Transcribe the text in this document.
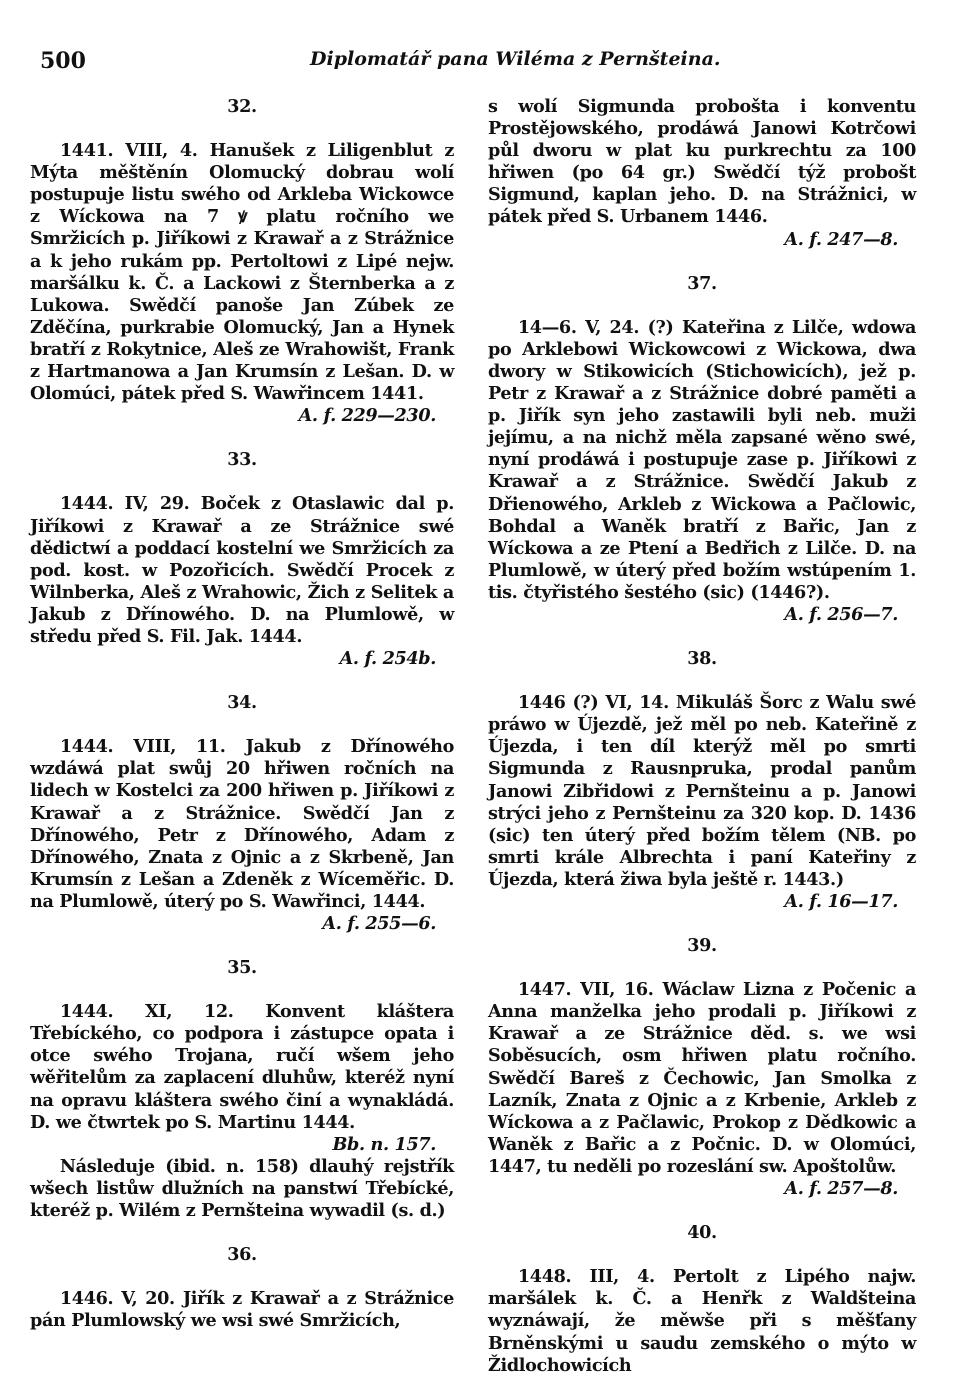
500	Diplomatář pana Wiléma z Pernšteina.
32.

1441. VIII, 4. Hanušek z Liligenblut z Mýta měštěnín Olomucký dobrau wolí postupuje listu swého od Arkleba Wickowce z Wíckowa na 7 ꝟ platu ročního we Smržicích p. Jiříkowi z Krawař a z Strážnice a k jeho rukám pp. Pertoltowi z Lipé nejw. maršálku k. Č. a Lackowi z Šternberka a z Lukowa. Swědčí panoše Jan Zúbek ze Zděčína, purkrabie Olomucký, Jan a Hynek bratří z Rokytnice, Aleš ze Wrahowišt, Frank z Hartmanowa a Jan Krumsín z Lešan. D. w Olomúci, pátek před S. Wawřincem 1441.

A. f. 229—230.
33.

1444. IV, 29. Boček z Otaslawic dal p. Jiříkowi z Krawař a ze Strážnice swé dědictwí a poddací kostelní we Smržicích za pod. kost. w Pozořicích. Swědčí Procek z Wilnberka, Aleš z Wrahowic, Žich z Selitek a Jakub z Dřínowého. D. na Plumlowě, w středu před S. Fil. Jak. 1444.

A. f. 254b.
34.

1444. VIII, 11. Jakub z Dřínowého wzdáwá plat swůj 20 hřiwen ročních na lidech w Kostelci za 200 hřiwen p. Jiříkowi z Krawař a z Strážnice. Swědčí Jan z Dřínowého, Petr z Dřínowého, Adam z Dřínowého, Znata z Ojnic a z Skrbeně, Jan Krumsín z Lešan a Zdeněk z Wíceměřic. D. na Plumlowě, úterý po S. Wawřinci, 1444.

A. f. 255—6.
35.

1444. XI, 12. Konvent kláštera Třebíckého, co podpora i zástupce opata i otce swého Trojana, ručí wšem jeho wěřitelům za zaplacení dluhůw, kteréž nyní na opravu kláštera swého činí a wynakládá. D. we čtwrtek po S. Martinu 1444.

Bb. n. 157.

Následuje (ibid. n. 158) dlauhý rejstřík wšech listůw dlužních na panstwí Třebícké, kteréž p. Wilém z Pernšteina wywadil (s. d.)

36.

1446. V, 20. Jiřík z Krawař a z Strážnice pán Plumlowský we wsi swé Smržicích,

s wolí Sigmunda probošta i konventu Prostějowského, prodáwá Janowi Kotrčowi půl dworu w plat ku purkrechtu za 100 hřiwen (po 64 gr.) Swědčí týž probošt Sigmund, kaplan jeho. D. na Strážnici, w pátek před S. Urbanem 1446.

A. f. 247—8.
37.

14—6. V, 24. (?) Kateřina z Lilče, wdowa po Arklebowi Wickowcowi z Wickowa, dwa dwory w Stikowicích (Stichowicích), jež p. Petr z Krawař a z Strážnice dobré paměti a p. Jiřík syn jeho zastawili byli neb. muži jejímu, a na nichž měla zapsané wěno swé, nyní prodáwá i postupuje zase p. Jiříkowi z Krawař a z Strážnice. Swědčí Jakub z Dřienowého, Arkleb z Wickowa a Pačlowic, Bohdal a Waněk bratří z Bařic, Jan z Wíckowa a ze Ptení a Bedřich z Lilče. D. na Plumlowě, w úterý před božím wstúpením 1. tis. čtyřistého šestého (sic) (1446?).

A. f. 256—7.
38.

1446 (?) VI, 14. Mikuláš Šorc z Walu swé práwo w Újezdě, jež měl po neb. Kateřině z Újezda, i ten díl kterýž měl po smrti Sigmunda z Rausnpruka, prodal panům Janowi Zibřidowi z Pernšteinu a p. Janowi strýci jeho z Pernšteinu za 320 kop. D. 1436 (sic) ten úterý před božím tělem (NB. po smrti krále Albrechta i paní Kateřiny z Újezda, která žiwa byla ještě r. 1443.)

A. f. 16—17.
39.

1447. VII, 16. Wáclaw Lizna z Počenic a Anna manželka jeho prodali p. Jiříkowi z Krawař a ze Strážnice děd. s. we wsi Soběsucích, osm hřiwen platu ročního. Swědčí Bareš z Čechowic, Jan Smolka z Lazník, Znata z Ojnic a z Krbenie, Arkleb z Wíckowa a z Pačlawic, Prokop z Dědkowic a Waněk z Bařic a z Počnic. D. w Olomúci, 1447, tu neděli po rozeslání sw. Apoštolůw.

A. f. 257—8.
40.

1448. III, 4. Pertolt z Lipého najw. maršálek k. Č. a Henřk z Waldšteina wyznáwají, že měwše při s měšťany Brněnskými u saudu zemského o mýto w Židlochowicích
